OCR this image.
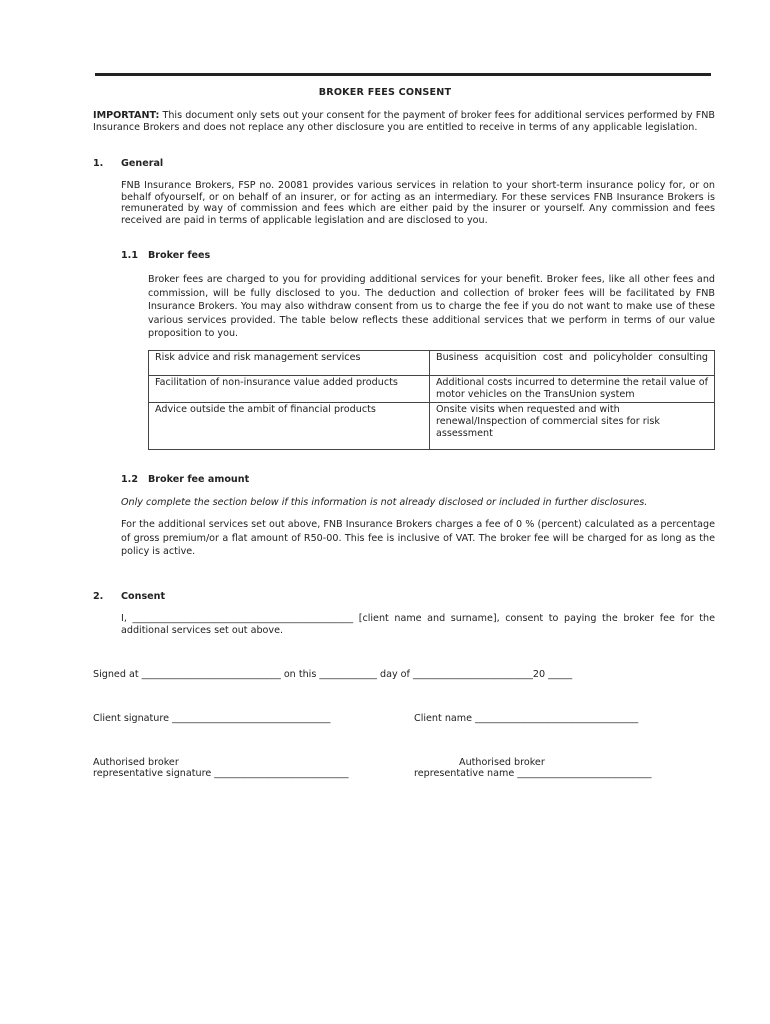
BROKER FEES CONSENT
IMPORTANT: This document only sets out your consent for the payment of broker fees for additional services performed by FNB Insurance Brokers and does not replace any other disclosure you are entitled to receive in terms of any applicable legislation.
1. General
FNB Insurance Brokers, FSP no. 20081 provides various services in relation to your short-term insurance policy for, or on behalf ofyourself, or on behalf of an insurer, or for acting as an intermediary. For these services FNB Insurance Brokers is remunerated by way of commission and fees which are either paid by the insurer or yourself. Any commission and fees received are paid in terms of applicable legislation and are disclosed to you.
1.1 Broker fees
Broker fees are charged to you for providing additional services for your benefit. Broker fees, like all other fees and commission, will be fully disclosed to you. The deduction and collection of broker fees will be facilitated by FNB Insurance Brokers. You may also withdraw consent from us to charge the fee if you do not want to make use of these various services provided. The table below reflects these additional services that we perform in terms of our value proposition to you.
Risk advice and risk management services	Business acquisition cost and policyholder consulting
Facilitation of non-insurance value added products	Additional costs incurred to determine the retail value of motor vehicles on the TransUnion system
Advice outside the ambit of financial products	Onsite visits when requested and with renewal/Inspection of commercial sites for risk assessment
1.2 Broker fee amount
Only complete the section below if this information is not already disclosed or included in further disclosures.
For the additional services set out above, FNB Insurance Brokers charges a fee of 0 % (percent) calculated as a percentage of gross premium/or a flat amount of R50-00. This fee is inclusive of VAT. The broker fee will be charged for as long as the policy is active.
2. Consent
I, ______________________________________________ [client name and surname], consent to paying the broker fee for the additional services set out above.
Signed at _____________________________ on this ____________ day of _________________________20 _____
Client signature _________________________________	Client name __________________________________
Authorised broker
representative signature ____________________________
Authorised broker
representative name ____________________________
